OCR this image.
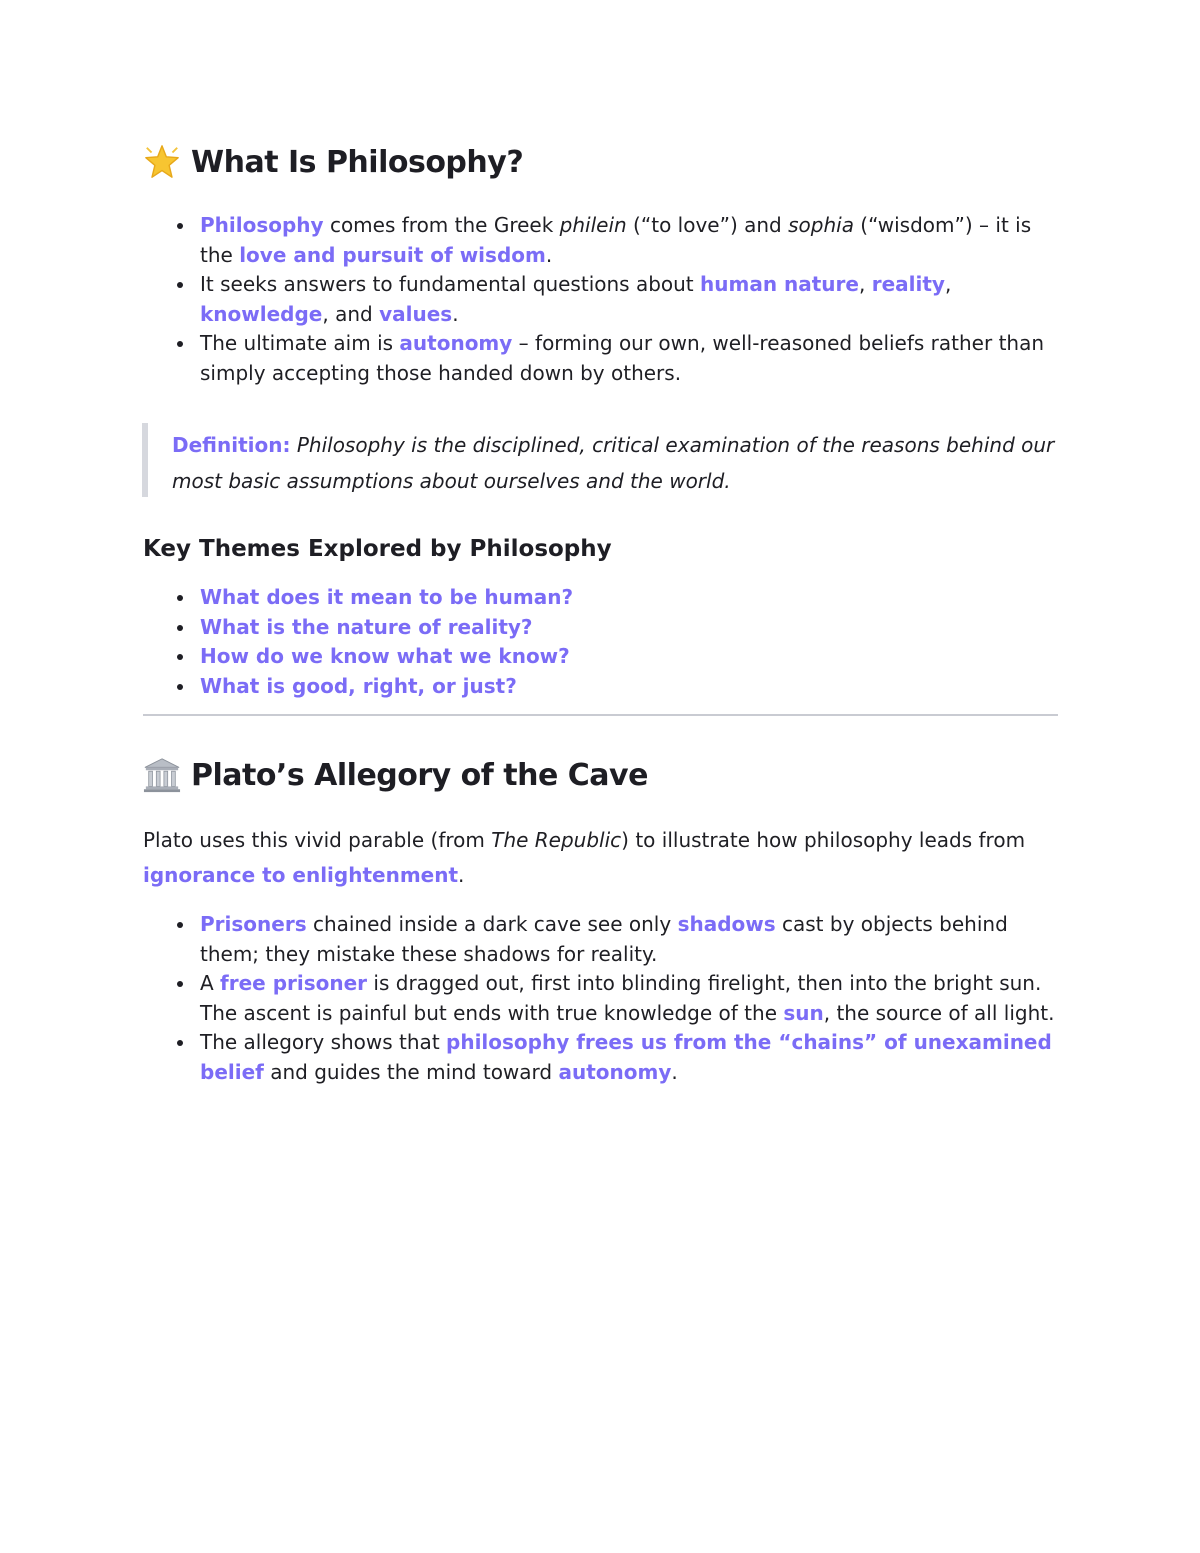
What Is Philosophy?
Philosophy comes from the Greek philein (“to love”) and sophia (“wisdom”) – it is the love and pursuit of wisdom.
It seeks answers to fundamental questions about human nature, reality, knowledge, and values.
The ultimate aim is autonomy – forming our own, well-reasoned beliefs rather than simply accepting those handed down by others.

Definition: Philosophy is the disciplined, critical examination of the reasons behind our most basic assumptions about ourselves and the world.

Key Themes Explored by Philosophy
What does it mean to be human?
What is the nature of reality?
How do we know what we know?
What is good, right, or just?
Plato’s Allegory of the Cave

Plato uses this vivid parable (from The Republic) to illustrate how philosophy leads from ignorance to enlightenment.

Prisoners chained inside a dark cave see only shadows cast by objects behind them; they mistake these shadows for reality.
A free prisoner is dragged out, first into blinding firelight, then into the bright sun. The ascent is painful but ends with true knowledge of the sun, the source of all light.
The allegory shows that philosophy frees us from the “chains” of unexamined belief and guides the mind toward autonomy.
